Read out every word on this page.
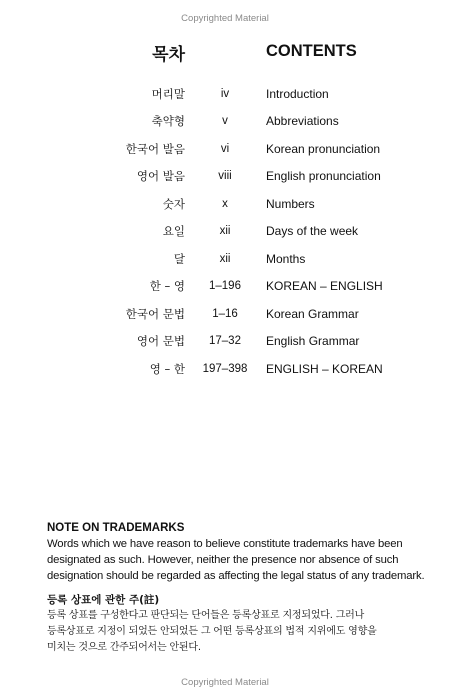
Copyrighted Material
목차	CONTENTS
머리말	iv	Introduction
축약형	v	Abbreviations
한국어 발음	vi	Korean pronunciation
영어 발음	viii	English pronunciation
숫자	x	Numbers
요일	xii	Days of the week
달	xii	Months
한 – 영	1–196	KOREAN – ENGLISH
한국어 문법	1–16	Korean Grammar
영어 문법	17–32	English Grammar
영 – 한	197–398	ENGLISH – KOREAN
NOTE ON TRADEMARKS
Words which we have reason to believe constitute trademarks have been
designated as such. However, neither the presence nor absence of such
designation should be regarded as affecting the legal status of any trademark.
등록 상표에 관한 주(註)
등록 상표를 구성한다고 판단되는 단어들은 등록상표로 지정되었다. 그러나
등록상표로 지정이 되었든 안되었든 그 어떤 등록상표의 법적 지위에도 영향을
미치는 것으로 간주되어서는 안된다.
Copyrighted Material
